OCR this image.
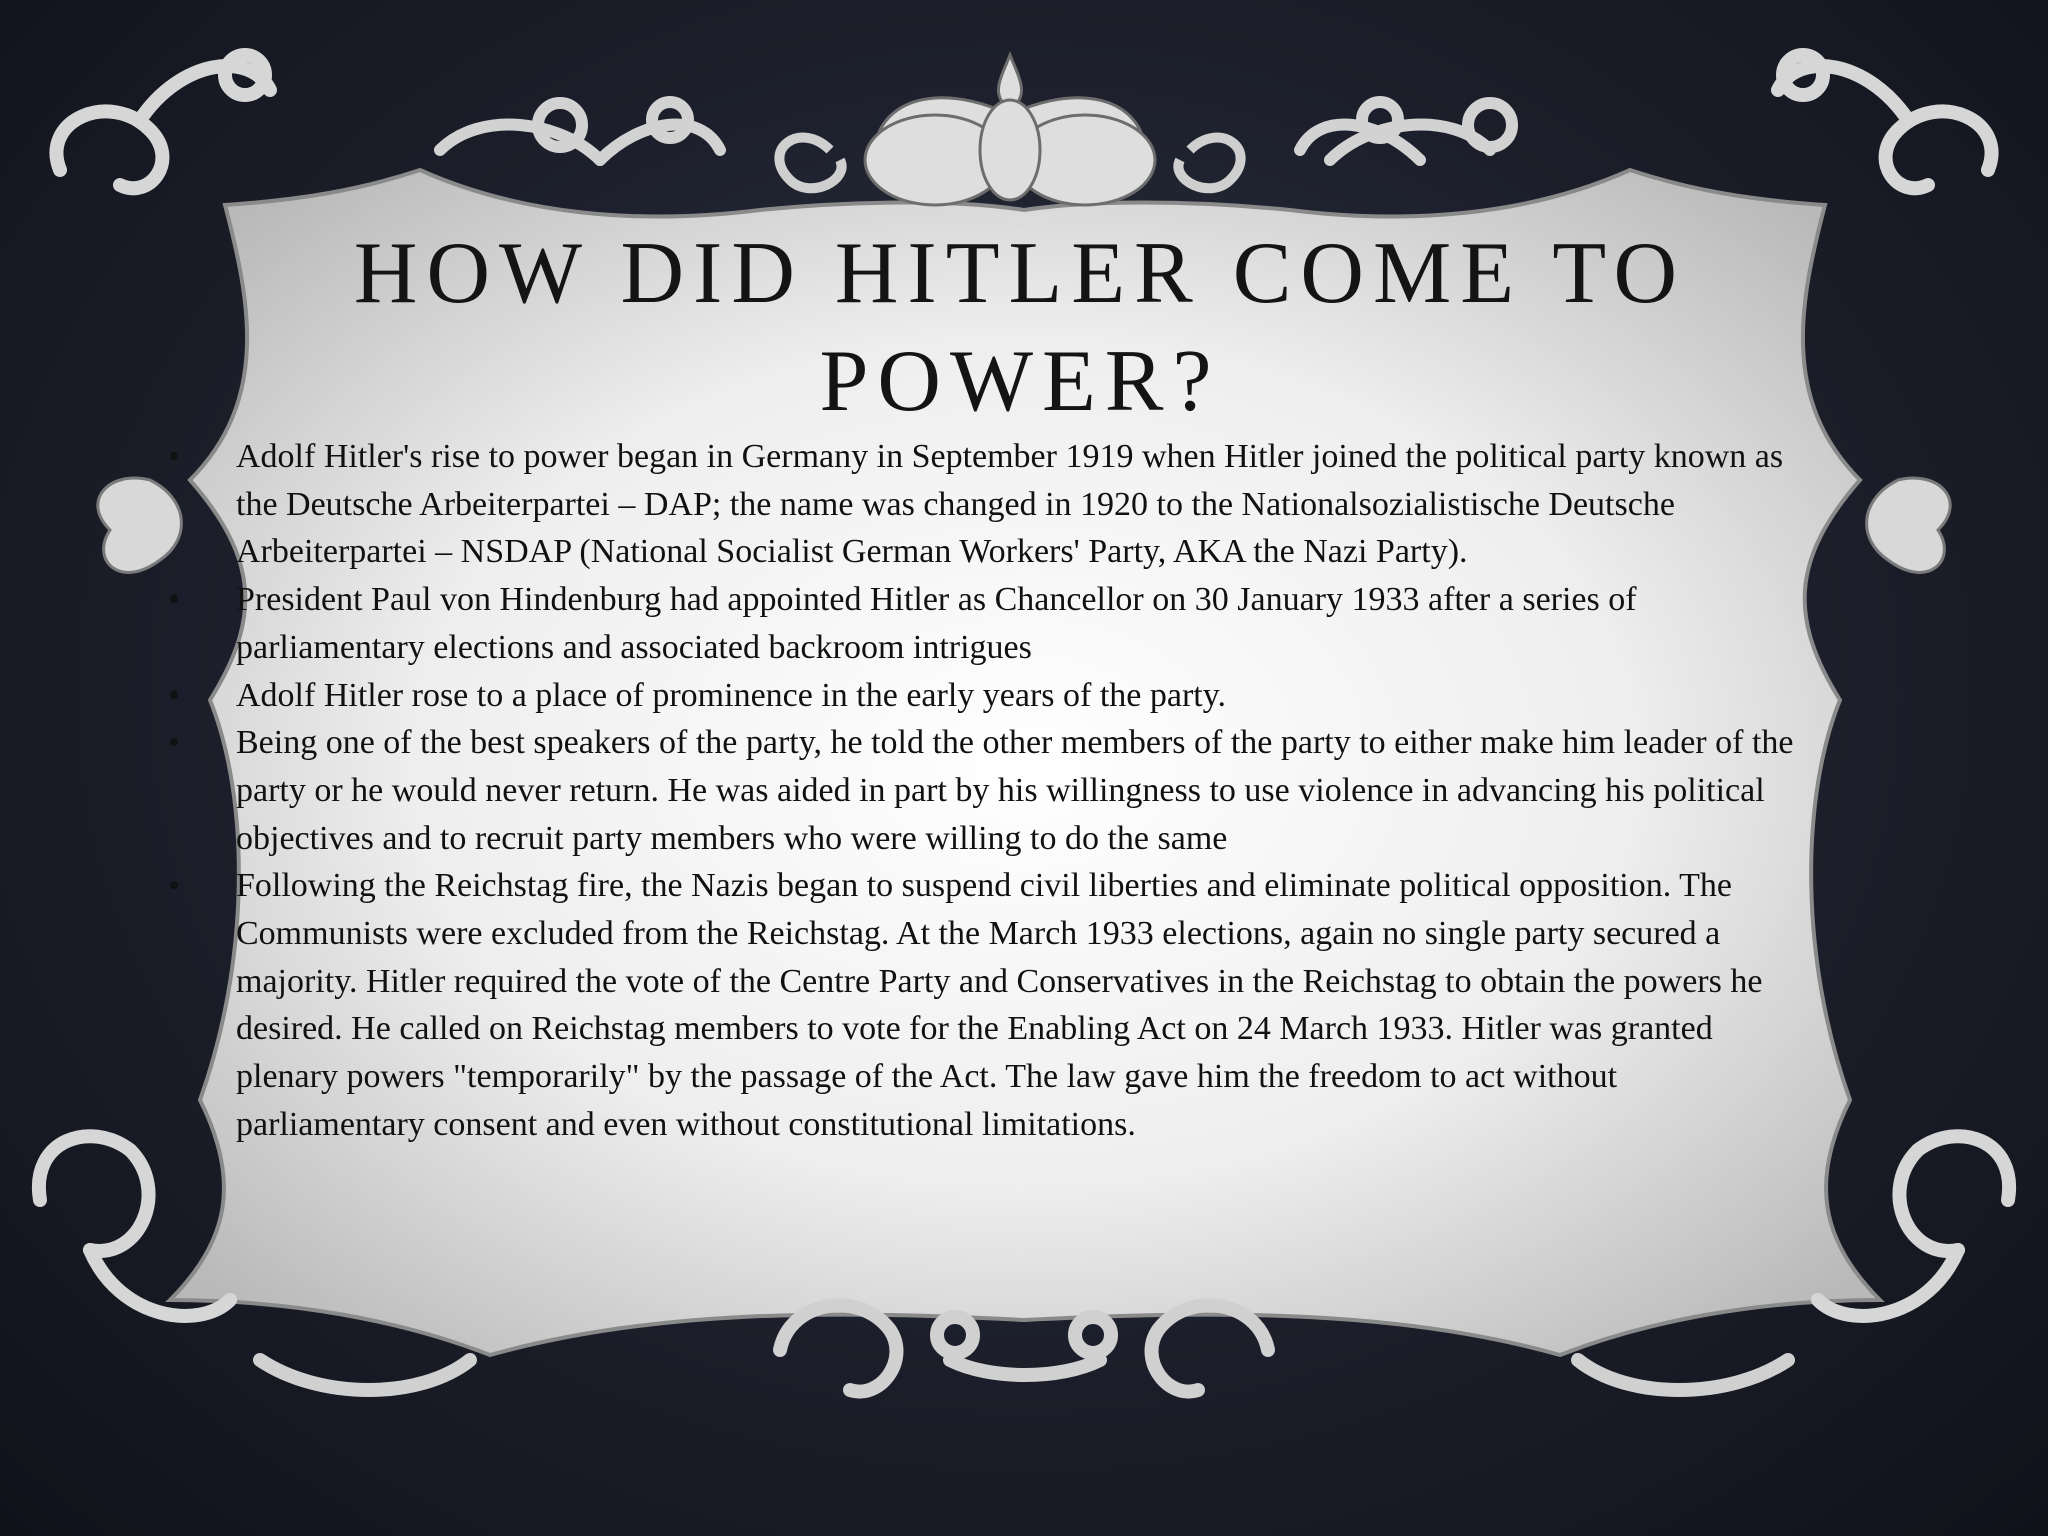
HOW DID HITLER COME TO
POWER?
•	Adolf Hitler's rise to power began in Germany in September 1919 when Hitler joined the political party known as the Deutsche Arbeiterpartei – DAP; the name was changed in 1920 to the Nationalsozialistische Deutsche Arbeiterpartei – NSDAP (National Socialist German Workers' Party, AKA the Nazi Party).
•	President Paul von Hindenburg had appointed Hitler as Chancellor on 30 January 1933 after a series of parliamentary elections and associated backroom intrigues
•	Adolf Hitler rose to a place of prominence in the early years of the party.
•	Being one of the best speakers of the party, he told the other members of the party to either make him leader of the party or he would never return. He was aided in part by his willingness to use violence in advancing his political objectives and to recruit party members who were willing to do the same
•	Following the Reichstag fire, the Nazis began to suspend civil liberties and eliminate political opposition. The Communists were excluded from the Reichstag. At the March 1933 elections, again no single party secured a majority. Hitler required the vote of the Centre Party and Conservatives in the Reichstag to obtain the powers he desired. He called on Reichstag members to vote for the Enabling Act on 24 March 1933. Hitler was granted plenary powers "temporarily" by the passage of the Act. The law gave him the freedom to act without parliamentary consent and even without constitutional limitations.
